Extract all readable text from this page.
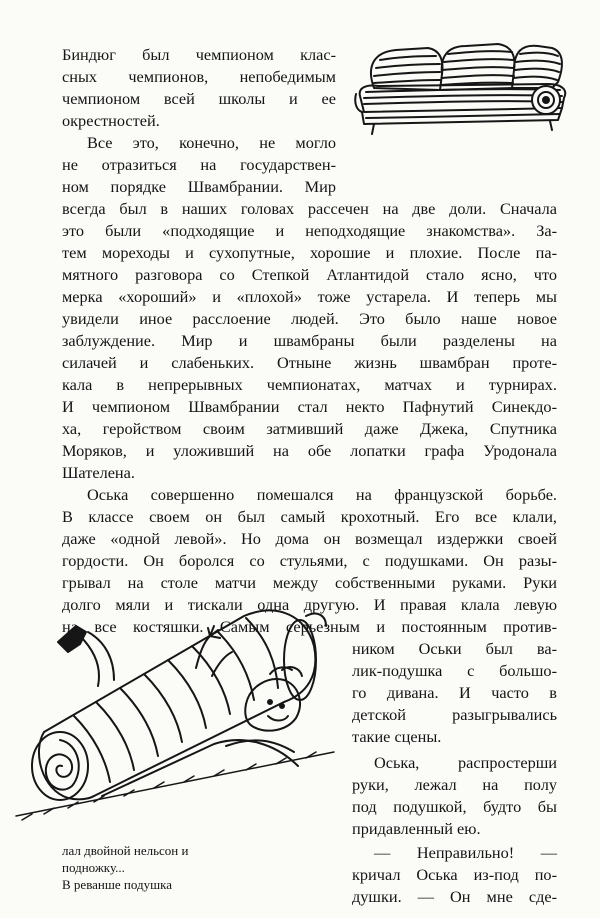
Биндюг был чемпионом клас-

сных чемпионов, непобедимым

чемпионом всей школы и ее

окрестностей.

Все это, конечно, не могло

не отразиться на государствен-

ном порядке Швамбрании. Мир

всегда был в наших головах рассечен на две доли. Сначала

это были «подходящие и неподходящие знакомства». За-

тем мореходы и сухопутные, хорошие и плохие. После па-

мятного разговора со Степкой Атлантидой стало ясно, что

мерка «хороший» и «плохой» тоже устарела. И теперь мы

увидели иное расслоение людей. Это было наше новое

заблуждение. Мир и швамбраны были разделены на

силачей и слабеньких. Отныне жизнь швамбран протe-

кала в непрерывных чемпионатах, матчах и турнирах.

И чемпионом Швамбрании стал некто Пафнутий Синекдо-

ха, геройством своим затмивший даже Джека, Спутника

Моряков, и уложивший на обе лопатки графа Уродонала

Шателена.

Оська совершенно помешался на французской борьбе.

В классе своем он был самый крохотный. Его все клали,

даже «одной левой». Но дома он возмещал издержки своей

гордости. Он боролся со стульями, с подушками. Он разы-

грывал на столе матчи между собственными руками. Руки

долго мяли и тискали одна другую. И правая клала левую

на все костяшки. Самым серьезным и постоянным против-

ником Оськи был ва-

лик-подушка с большо-

го дивана. И часто в

детской разыгрывались

такие сцены.

Оська, распростерши

руки, лежал на полу

под подушкой, будто бы

придавленный ею.

— Неправильно! —

кричал Оська из-под по-

душки. — Он мне сде-

лал двойной нельсон и
подножку...
В реванше подушка
